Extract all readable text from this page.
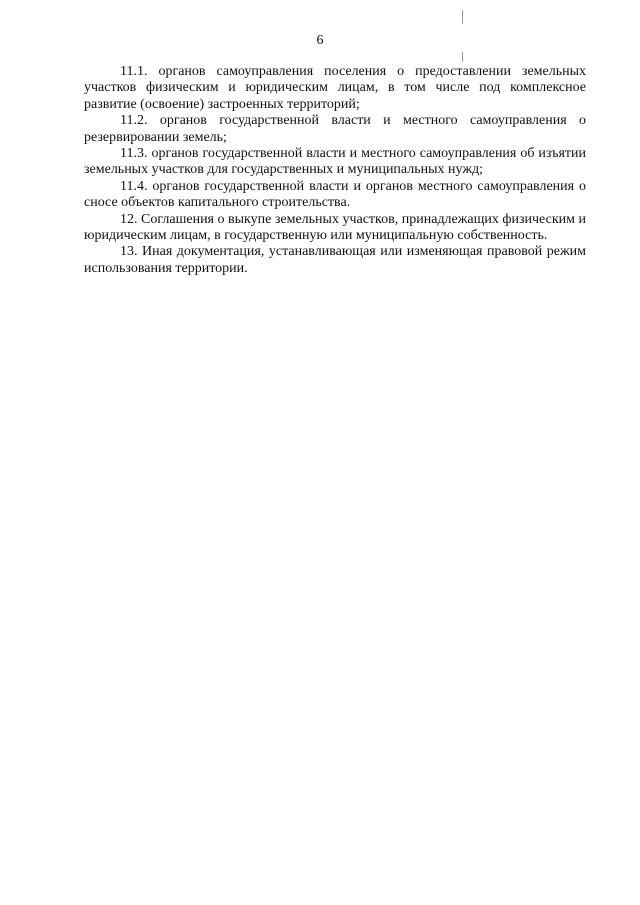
6

11.1. органов самоуправления поселения о предоставлении земельных участков физическим и юридическим лицам, в том числе под комплексное развитие (освоение) застроенных территорий;

11.2. органов государственной власти и местного самоуправления о резервировании земель;

11.3. органов государственной власти и местного самоуправления об изъятии земельных участков для государственных и муниципальных нужд;

11.4. органов государственной власти и органов местного самоуправления о сносе объектов капитального строительства.

12. Соглашения о выкупе земельных участков, принадлежащих физическим и юридическим лицам, в государственную или муниципальную собственность.

13. Иная документация, устанавливающая или изменяющая правовой режим использования территории.
